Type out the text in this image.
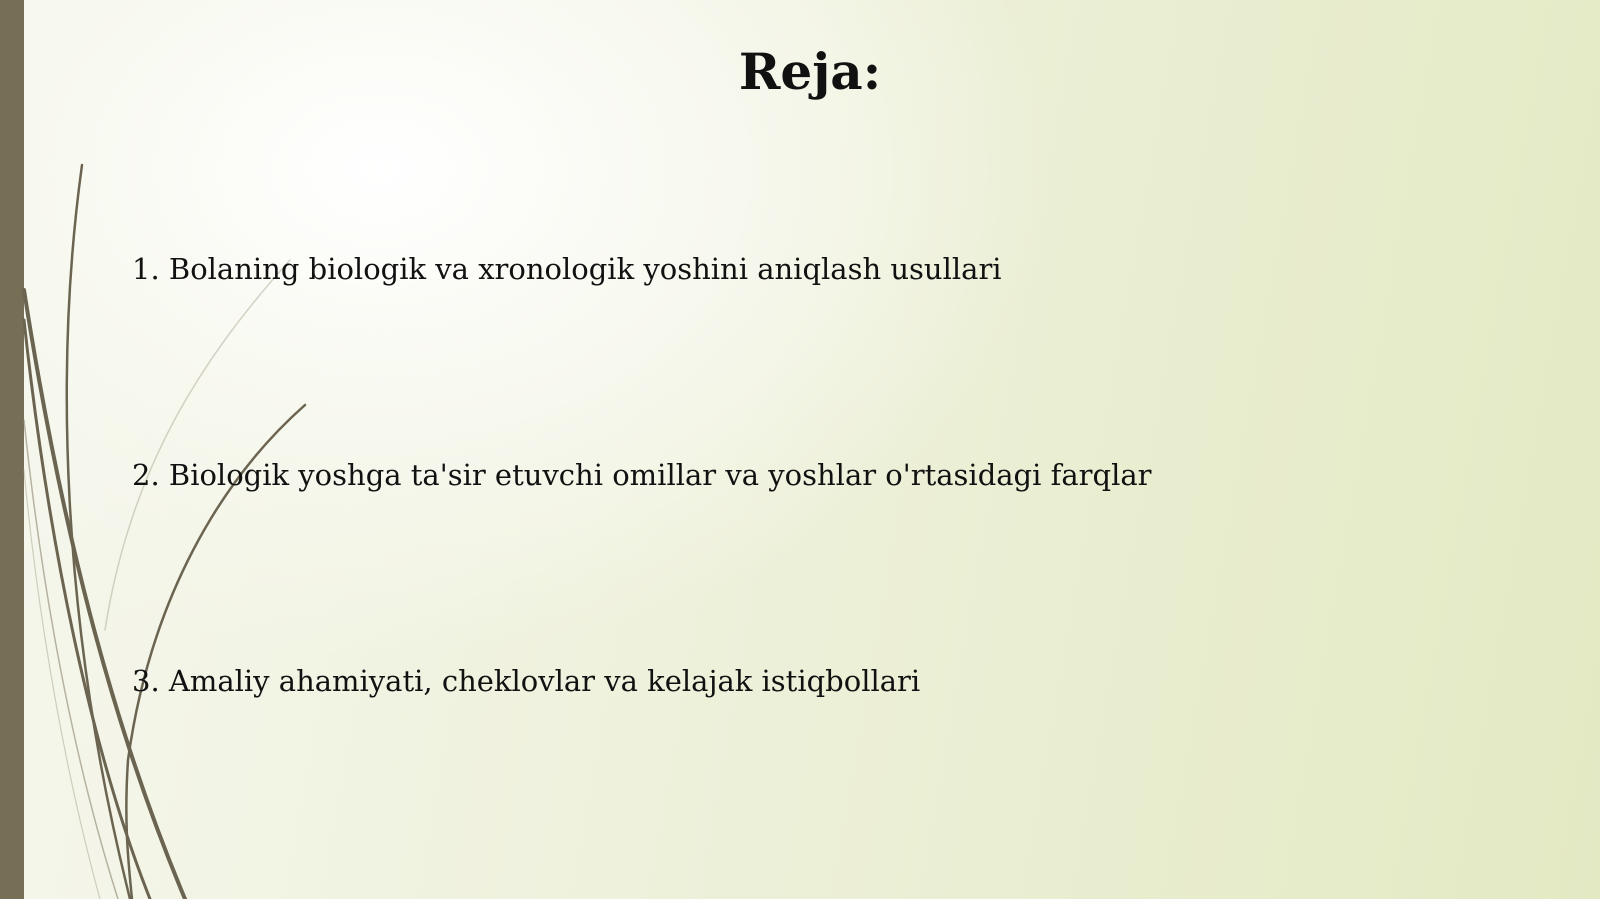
Reja:
1. Bolaning biologik va xronologik yoshini aniqlash usullari
2. Biologik yoshga ta'sir etuvchi omillar va yoshlar o'rtasidagi farqlar
3. Amaliy ahamiyati, cheklovlar va kelajak istiqbollari
